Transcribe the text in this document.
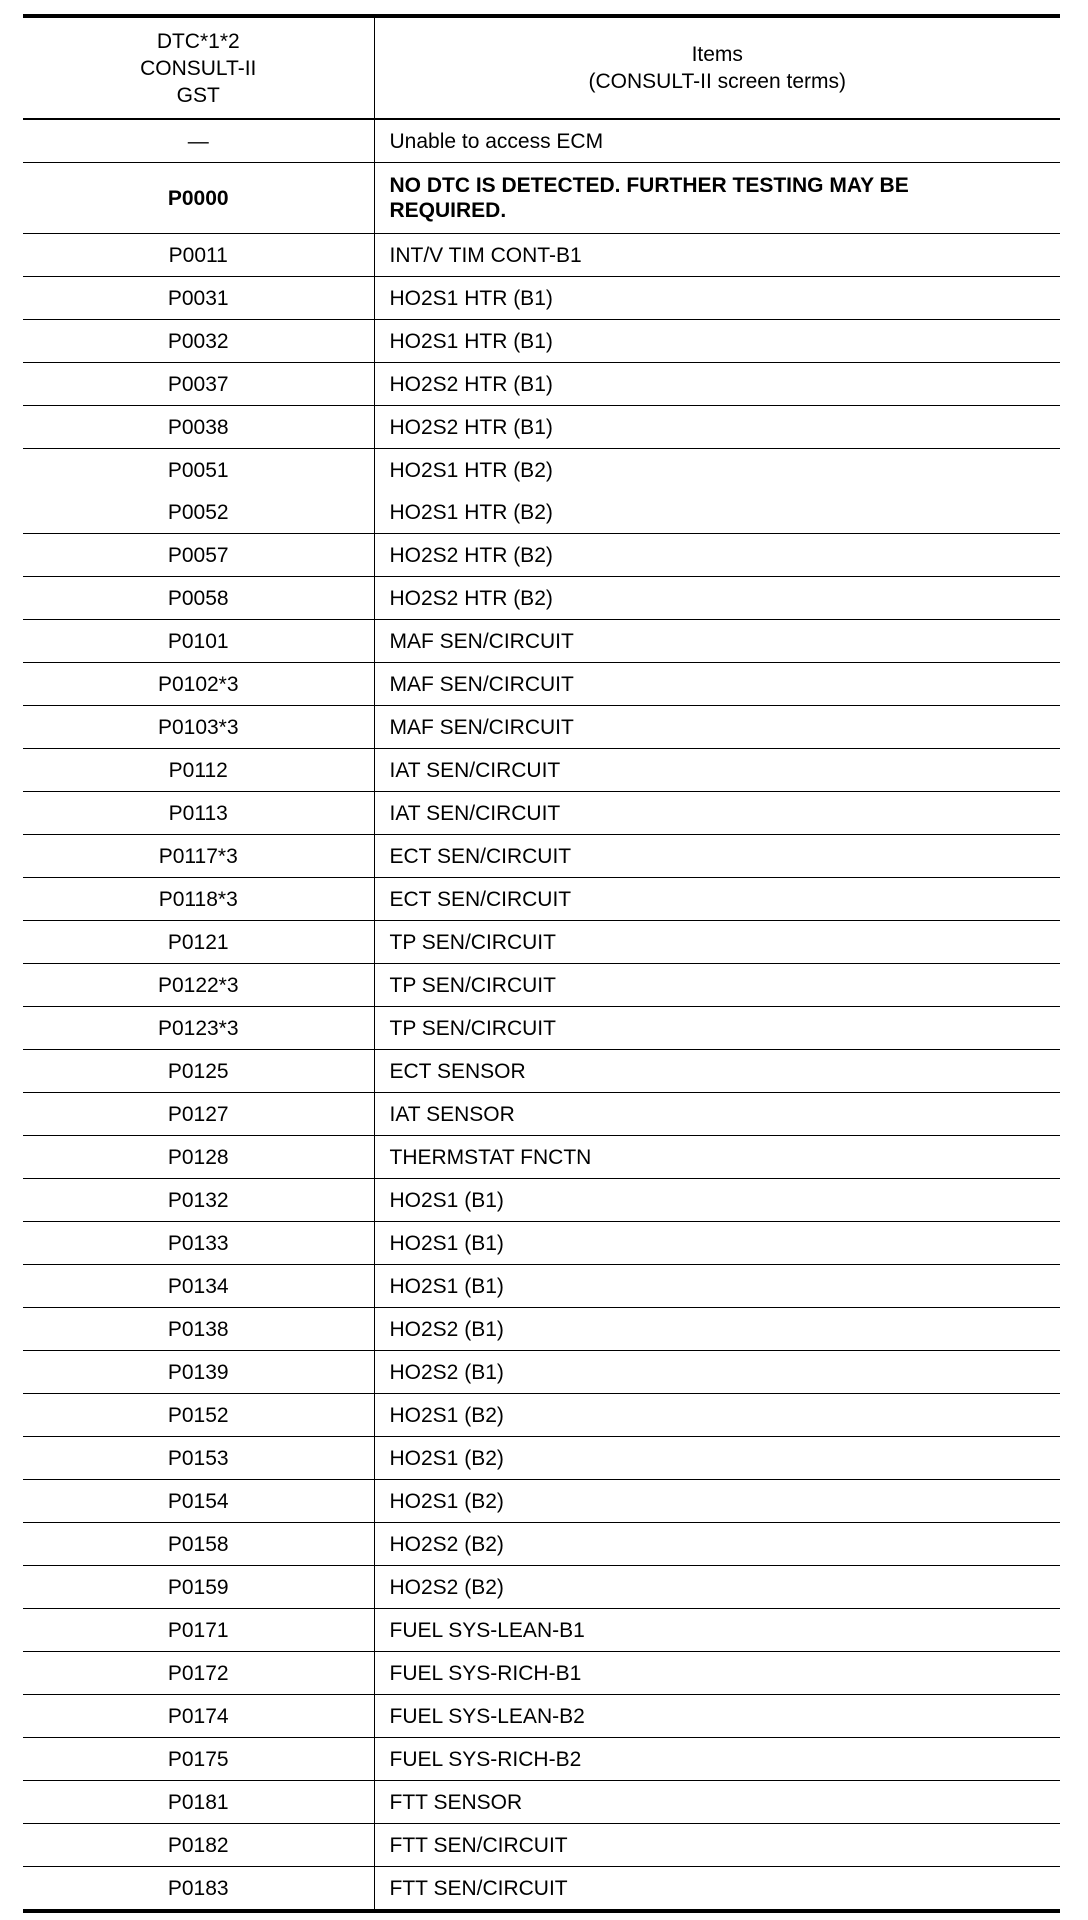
DTC*1*2
CONSULT-II
GST	Items
(CONSULT-II screen terms)

—	Unable to access ECM
P0000	NO DTC IS DETECTED. FURTHER TESTING MAY BE REQUIRED.
P0011	INT/V TIM CONT-B1
P0031	HO2S1 HTR (B1)
P0032	HO2S1 HTR (B1)
P0037	HO2S2 HTR (B1)
P0038	HO2S2 HTR (B1)
P0051	HO2S1 HTR (B2)
P0052	HO2S1 HTR (B2)
P0057	HO2S2 HTR (B2)
P0058	HO2S2 HTR (B2)
P0101	MAF SEN/CIRCUIT
P0102*3	MAF SEN/CIRCUIT
P0103*3	MAF SEN/CIRCUIT
P0112	IAT SEN/CIRCUIT
P0113	IAT SEN/CIRCUIT
P0117*3	ECT SEN/CIRCUIT
P0118*3	ECT SEN/CIRCUIT
P0121	TP SEN/CIRCUIT
P0122*3	TP SEN/CIRCUIT
P0123*3	TP SEN/CIRCUIT
P0125	ECT SENSOR
P0127	IAT SENSOR
P0128	THERMSTAT FNCTN
P0132	HO2S1 (B1)
P0133	HO2S1 (B1)
P0134	HO2S1 (B1)
P0138	HO2S2 (B1)
P0139	HO2S2 (B1)
P0152	HO2S1 (B2)
P0153	HO2S1 (B2)
P0154	HO2S1 (B2)
P0158	HO2S2 (B2)
P0159	HO2S2 (B2)
P0171	FUEL SYS-LEAN-B1
P0172	FUEL SYS-RICH-B1
P0174	FUEL SYS-LEAN-B2
P0175	FUEL SYS-RICH-B2
P0181	FTT SENSOR
P0182	FTT SEN/CIRCUIT
P0183	FTT SEN/CIRCUIT
